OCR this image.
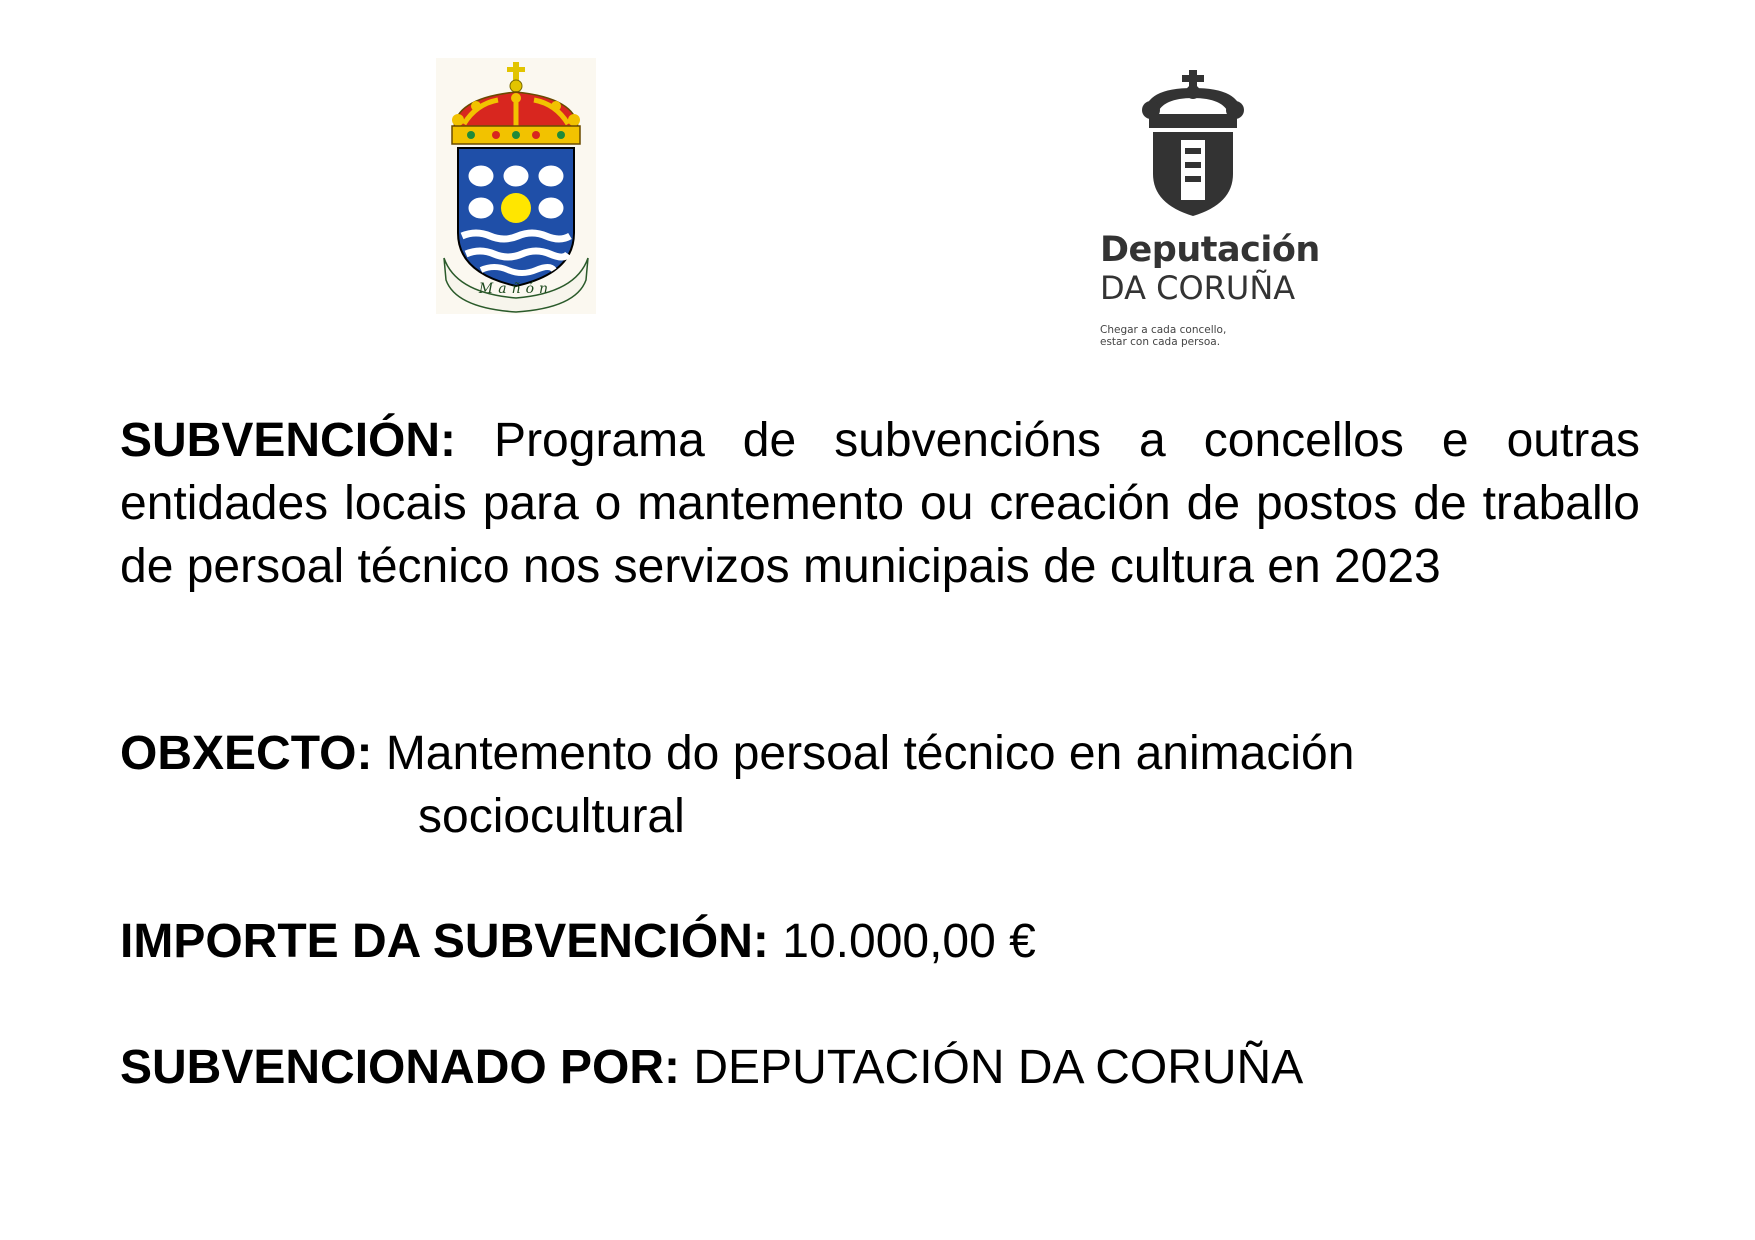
Mañón
Deputación
DA CORUÑA
Chegar a cada concello,
estar con cada persoa.
SUBVENCIÓN: Programa de subvencións a concellos e outras entidades locais para o mantemento ou creación de postos de traballo de persoal técnico nos servizos municipais de cultura en 2023
OBXECTO: Mantemento do persoal técnico en animación
sociocultural
IMPORTE DA SUBVENCIÓN: 10.000,00 €
SUBVENCIONADO POR: DEPUTACIÓN DA CORUÑA
